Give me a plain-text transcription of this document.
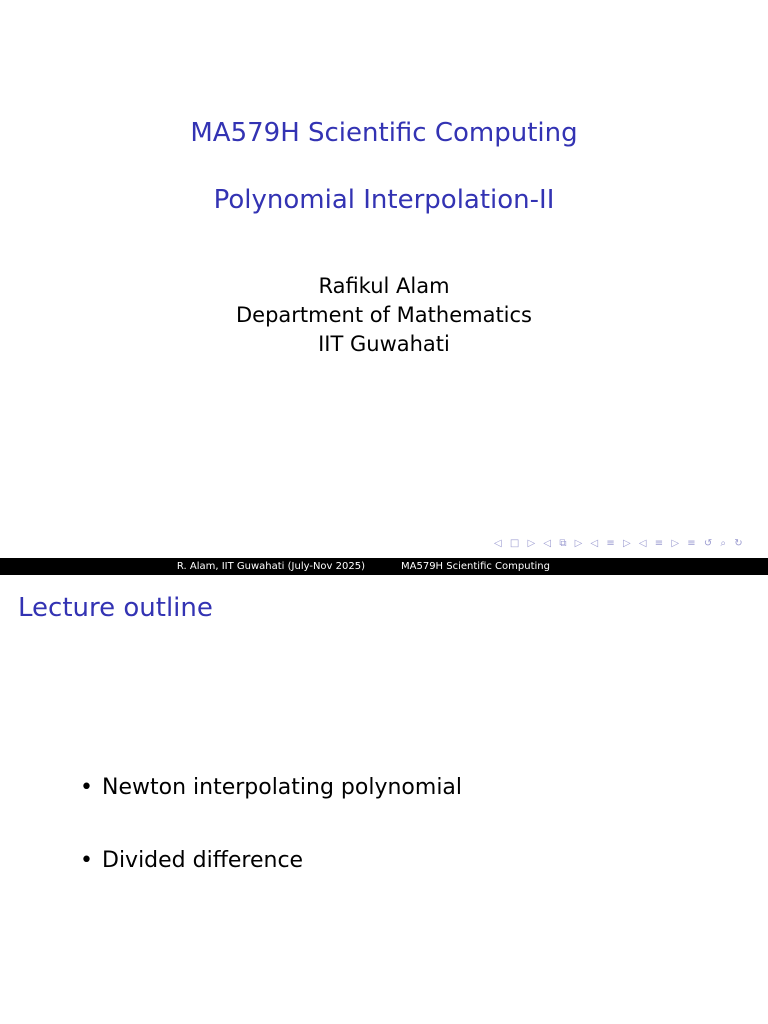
MA579H Scientific Computing
Polynomial Interpolation-II
Rafikul Alam
Department of Mathematics
IIT Guwahati
◁ □ ▷ ◁ ⧉ ▷ ◁ ≡ ▷ ◁ ≡ ▷ ≡ ↺ ⌕ ↻
R. Alam, IIT Guwahati (July-Nov 2025)	MA579H Scientific Computing
Lecture outline
• Newton interpolating polynomial
• Divided difference
